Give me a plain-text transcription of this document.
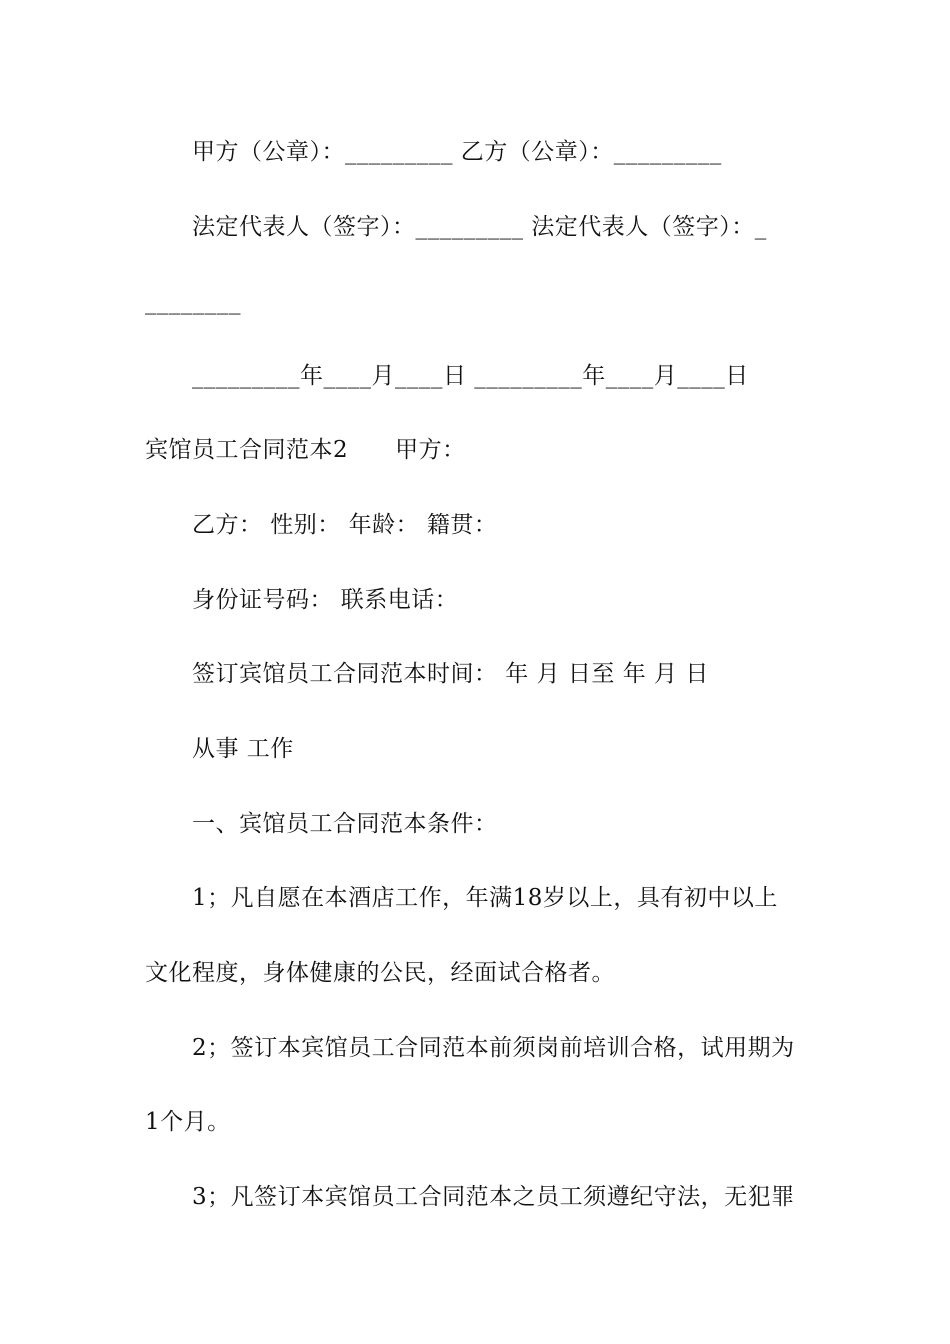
甲方（公章）：_________ 乙方（公章）：_________
法定代表人（签字）：_________ 法定代表人（签字）：_
________
_________年____月____日 _________年____月____日
宾馆员工合同范本2　　甲方：
乙方： 性别： 年龄： 籍贯：
身份证号码： 联系电话：
签订宾馆员工合同范本时间： 年 月 日至 年 月 日
从事 工作
一、宾馆员工合同范本条件：
1；凡自愿在本酒店工作，年满18岁以上，具有初中以上
文化程度，身体健康的公民，经面试合格者。
2；签订本宾馆员工合同范本前须岗前培训合格，试用期为
1个月。
3；凡签订本宾馆员工合同范本之员工须遵纪守法，无犯罪
